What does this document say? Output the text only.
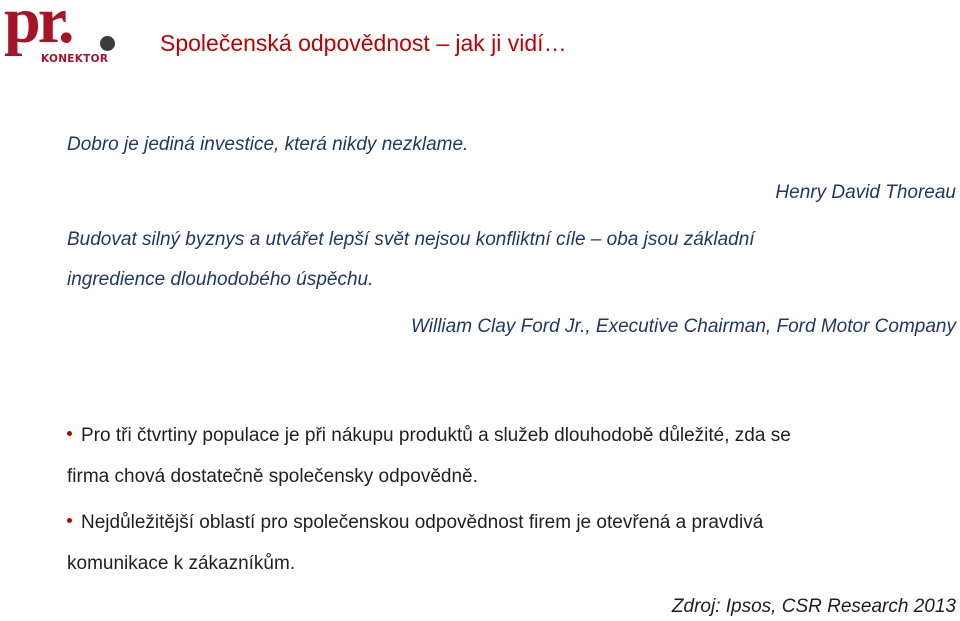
pr.
KONEKTOR
Společenská odpovědnost – jak ji vidí…
Dobro je jediná investice, která nikdy nezklame.
Henry David Thoreau
Budovat silný byznys a utvářet lepší svět nejsou konfliktní cíle – oba jsou základní
ingredience dlouhodobého úspěchu.
William Clay Ford Jr., Executive Chairman, Ford Motor Company
Pro tři čtvrtiny populace je při nákupu produktů a služeb dlouhodobě důležité, zda se
firma chová dostatečně společensky odpovědně.
Nejdůležitější oblastí pro společenskou odpovědnost firem je otevřená a pravdivá
komunikace k zákazníkům.
Zdroj: Ipsos, CSR Research 2013
